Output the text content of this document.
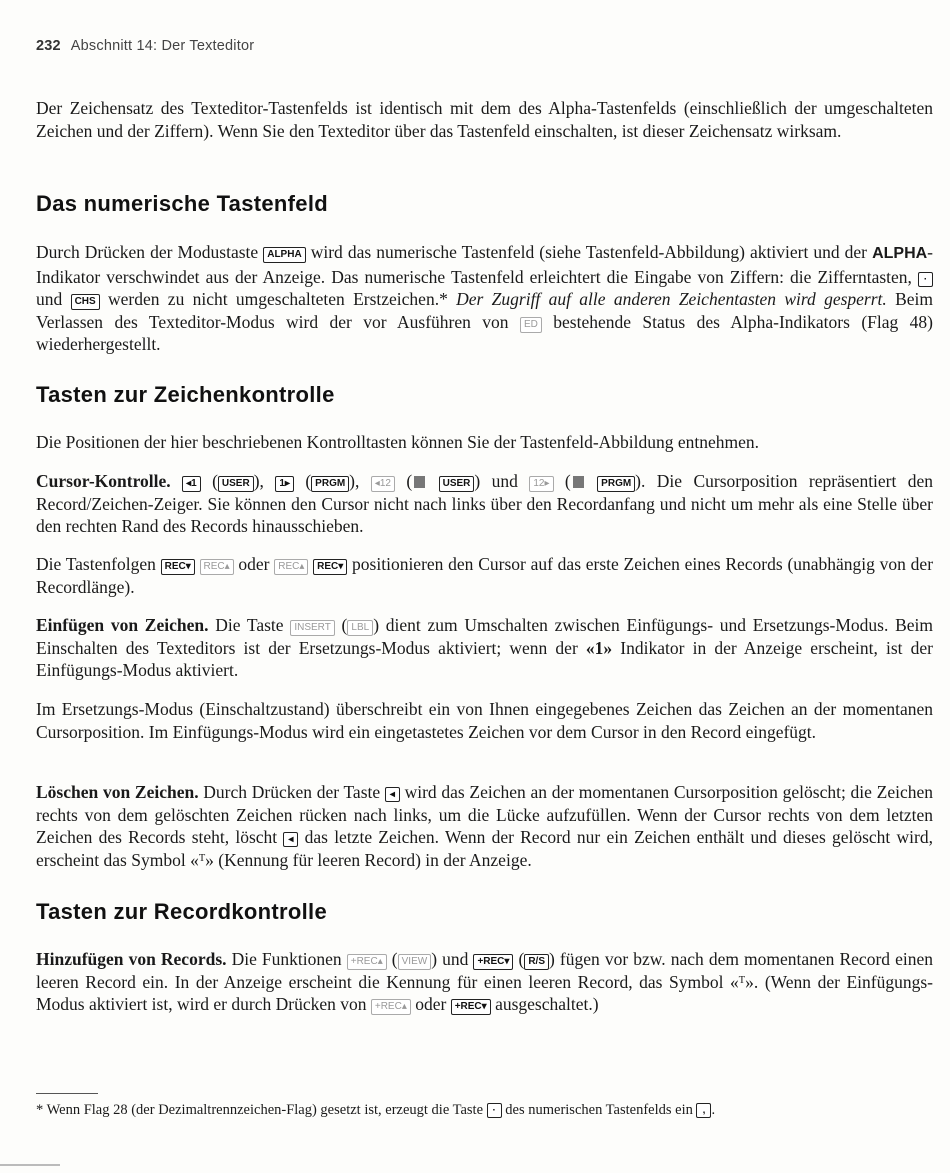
232 Abschnitt 14: Der Texteditor

Der Zeichensatz des Texteditor-Tastenfelds ist identisch mit dem des Alpha-Tastenfelds (einschließlich der umgeschalteten Zeichen und der Ziffern). Wenn Sie den Texteditor über das Tastenfeld einschalten, ist dieser Zeichensatz wirksam.

Das numerische Tastenfeld

Durch Drücken der Modustaste ALPHA wird das numerische Tastenfeld (siehe Tastenfeld-Abbildung) aktiviert und der ALPHA-Indikator verschwindet aus der Anzeige. Das numerische Tastenfeld erleichtert die Eingabe von Ziffern: die Zifferntasten, · und CHS werden zu nicht umgeschalteten Erstzeichen.* Der Zugriff auf alle anderen Zeichentasten wird gesperrt. Beim Verlassen des Texteditor-Modus wird der vor Ausführen von ED bestehende Status des Alpha-Indikators (Flag 48) wiederhergestellt.

Tasten zur Zeichenkontrolle

Die Positionen der hier beschriebenen Kontrolltasten können Sie der Tastenfeld-Abbildung entnehmen.

Cursor-Kontrolle. ◂1 ( USER ), 1▸ ( PRGM ), ◂12 (	USER ) und 12▸ (	PRGM ). Die Cursorposition repräsentiert den Record/Zeichen-Zeiger. Sie können den Cursor nicht nach links über den Recordanfang und nicht um mehr als eine Stelle über den rechten Rand des Records hinausschieben.

Die Tastenfolgen REC▾ REC▴ oder REC▴ REC▾ positionieren den Cursor auf das erste Zeichen eines Records (unabhängig von der Recordlänge).

Einfügen von Zeichen. Die Taste INSERT ( LBL ) dient zum Umschalten zwischen Einfügungs- und Ersetzungs-Modus. Beim Einschalten des Texteditors ist der Ersetzungs-Modus aktiviert; wenn der «1» Indikator in der Anzeige erscheint, ist der Einfügungs-Modus aktiviert.

Im Ersetzungs-Modus (Einschaltzustand) überschreibt ein von Ihnen eingegebenes Zeichen das Zeichen an der momentanen Cursorposition. Im Einfügungs-Modus wird ein eingetastetes Zeichen vor dem Cursor in den Record eingefügt.

Löschen von Zeichen. Durch Drücken der Taste ◂ wird das Zeichen an der momentanen Cursorposition gelöscht; die Zeichen rechts von dem gelöschten Zeichen rücken nach links, um die Lücke aufzufüllen. Wenn der Cursor rechts von dem letzten Zeichen des Records steht, löscht ◂ das letzte Zeichen. Wenn der Record nur ein Zeichen enthält und dieses gelöscht wird, erscheint das Symbol «ᵀ» (Kennung für leeren Record) in der Anzeige.

Tasten zur Recordkontrolle

Hinzufügen von Records. Die Funktionen +REC▴ ( VIEW ) und +REC▾ ( R/S ) fügen vor bzw. nach dem momentanen Record einen leeren Record ein. In der Anzeige erscheint die Kennung für einen leeren Record, das Symbol «ᵀ». (Wenn der Einfügungs-Modus aktiviert ist, wird er durch Drücken von +REC▴ oder +REC▾ ausgeschaltet.)

* Wenn Flag 28 (der Dezimaltrennzeichen-Flag) gesetzt ist, erzeugt die Taste · des numerischen Tastenfelds ein , .
